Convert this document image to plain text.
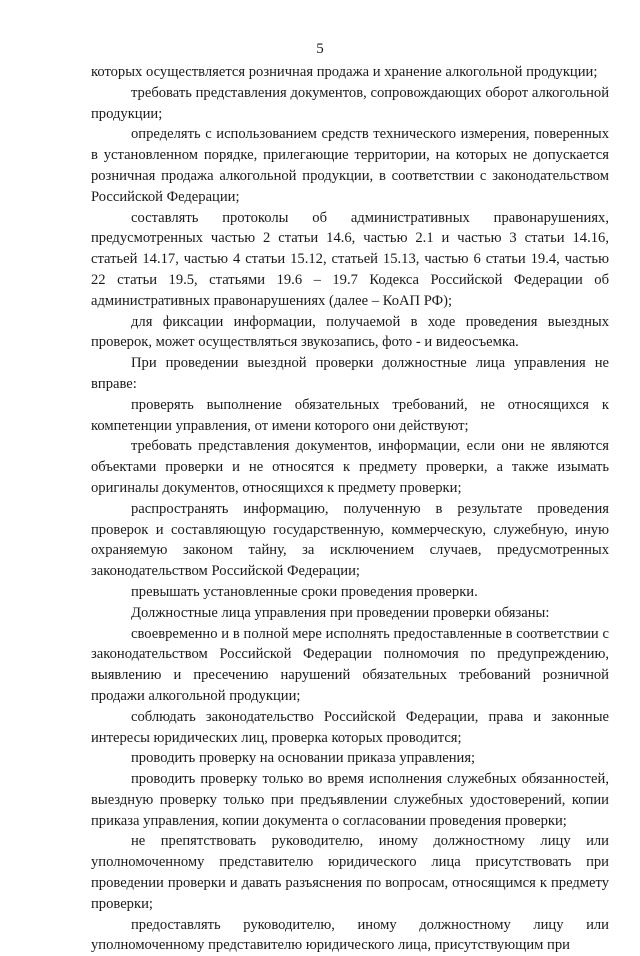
5

которых осуществляется розничная продажа и хранение алкогольной продукции;

требовать представления документов, сопровождающих оборот алкогольной продукции;

определять с использованием средств технического измерения, поверенных в установленном порядке, прилегающие территории, на которых не допускается розничная продажа алкогольной продукции, в соответствии с законодательством Российской Федерации;

составлять протоколы об административных правонарушениях, предусмотренных частью 2 статьи 14.6, частью 2.1 и частью 3 статьи 14.16, статьей 14.17, частью 4 статьи 15.12, статьей 15.13, частью 6 статьи 19.4, частью 22 статьи 19.5, статьями 19.6 – 19.7 Кодекса Российской Федерации об административных правонарушениях (далее – КоАП РФ);

для фиксации информации, получаемой в ходе проведения выездных проверок, может осуществляться звукозапись, фото - и видеосъемка.

При проведении выездной проверки должностные лица управления не вправе:

проверять выполнение обязательных требований, не относящихся к компетенции управления, от имени которого они действуют;

требовать представления документов, информации, если они не являются объектами проверки и не относятся к предмету проверки, а также изымать оригиналы документов, относящихся к предмету проверки;

распространять информацию, полученную в результате проведения проверок и составляющую государственную, коммерческую, служебную, иную охраняемую законом тайну, за исключением случаев, предусмотренных законодательством Российской Федерации;

превышать установленные сроки проведения проверки.

Должностные лица управления при проведении проверки обязаны:

своевременно и в полной мере исполнять предоставленные в соответствии с законодательством Российской Федерации полномочия по предупреждению, выявлению и пресечению нарушений обязательных требований розничной продажи алкогольной продукции;

соблюдать законодательство Российской Федерации, права и законные интересы юридических лиц, проверка которых проводится;

проводить проверку на основании приказа управления;

проводить проверку только во время исполнения служебных обязанностей, выездную проверку только при предъявлении служебных удостоверений, копии приказа управления, копии документа о согласовании проведения проверки;

не препятствовать руководителю, иному должностному лицу или уполномоченному представителю юридического лица присутствовать при проведении проверки и давать разъяснения по вопросам, относящимся к предмету проверки;

предоставлять руководителю, иному должностному лицу или уполномоченному представителю юридического лица, присутствующим при
